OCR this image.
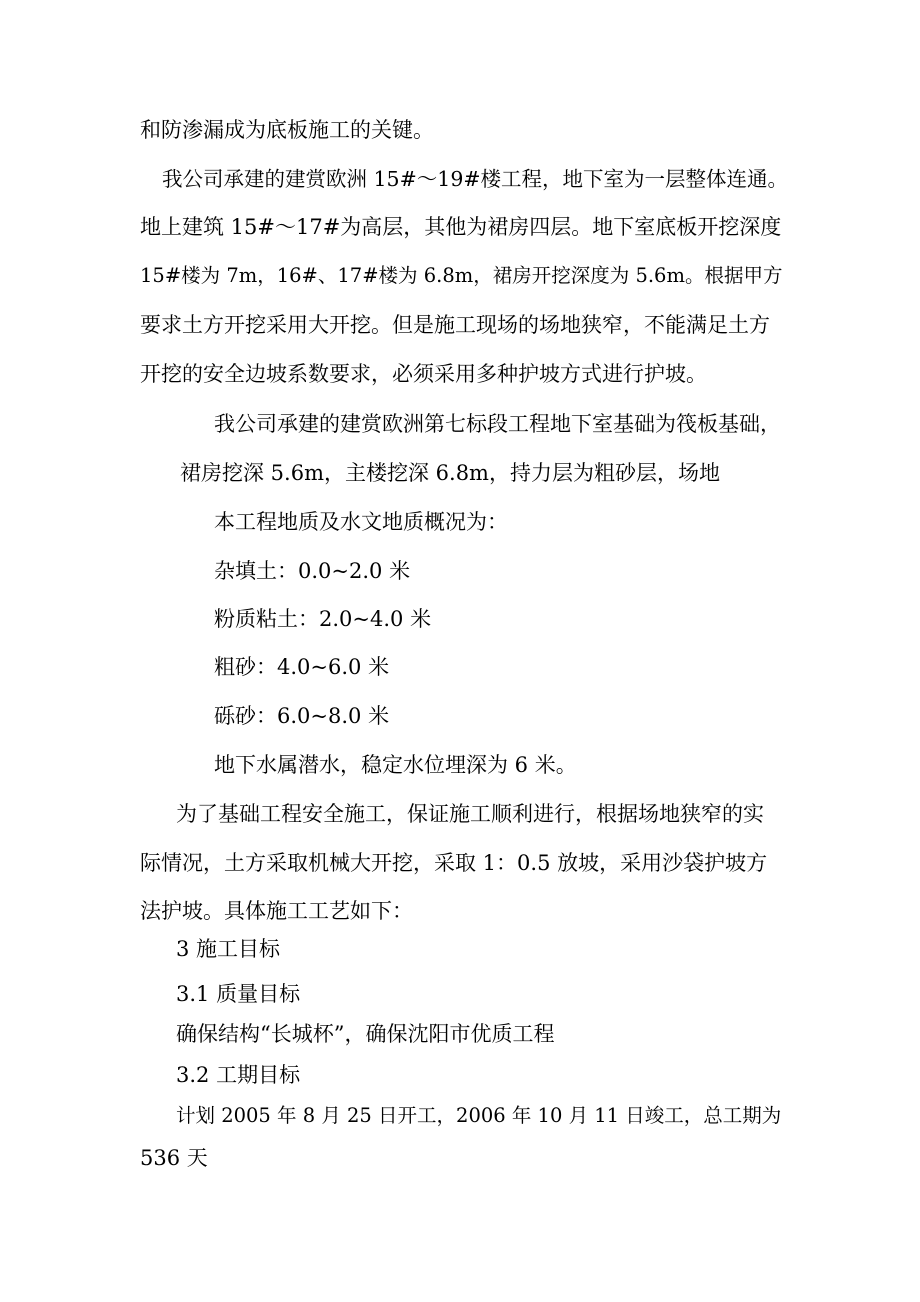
和防渗漏成为底板施工的关键。

我公司承建的建赏欧洲 15#～19#楼工程，地下室为一层整体连通。

地上建筑 15#～17#为高层，其他为裙房四层。地下室底板开挖深度

15#楼为 7m，16#、17#楼为 6.8m，裙房开挖深度为 5.6m。根据甲方

要求土方开挖采用大开挖。但是施工现场的场地狭窄，不能满足土方

开挖的安全边坡系数要求，必须采用多种护坡方式进行护坡。

我公司承建的建赏欧洲第七标段工程地下室基础为筏板基础，

裙房挖深 5.6m，主楼挖深 6.8m，持力层为粗砂层，场地

本工程地质及水文地质概况为：

杂填土：0.0~2.0 米

粉质粘土：2.0~4.0 米

粗砂：4.0~6.0 米

砾砂：6.0~8.0 米

地下水属潜水，稳定水位埋深为 6 米。

为了基础工程安全施工，保证施工顺利进行，根据场地狭窄的实

际情况，土方采取机械大开挖，采取 1：0.5 放坡，采用沙袋护坡方

法护坡。具体施工工艺如下：

3 施工目标

3.1 质量目标

确保结构“长城杯”，确保沈阳市优质工程

3.2 工期目标

计划 2005 年 8 月 25 日开工，2006 年 10 月 11 日竣工，总工期为

536 天
